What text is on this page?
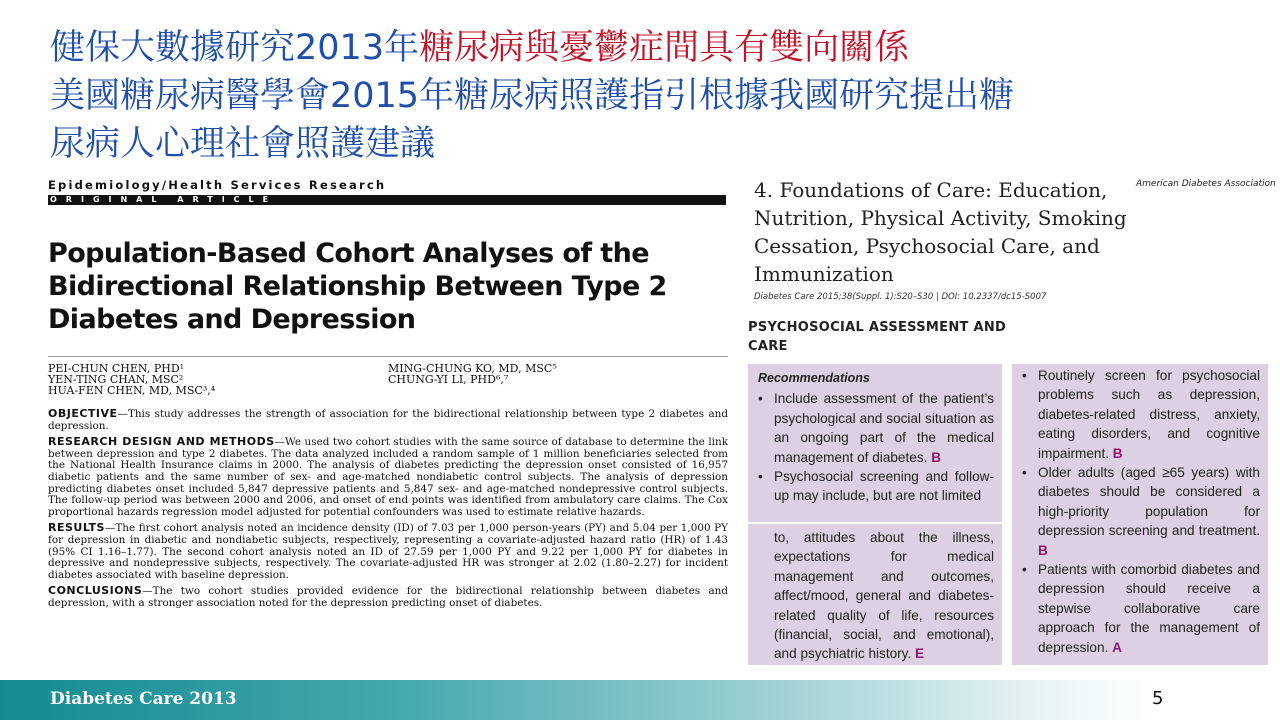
健保大數據研究2013年糖尿病與憂鬱症間具有雙向關係
美國糖尿病醫學會2015年糖尿病照護指引根據我國研究提出糖
尿病人心理社會照護建議
Epidemiology/Health Services Research
ORIGINAL ARTICLE
Population-Based Cohort Analyses of the Bidirectional Relationship Between Type 2 Diabetes and Depression
PEI-CHUN CHEN, PHD¹
YEN-TING CHAN, MSC²
HUA-FEN CHEN, MD, MSC³,⁴
MING-CHUNG KO, MD, MSC⁵
CHUNG-YI LI, PHD⁶,⁷

OBJECTIVE—This study addresses the strength of association for the bidirectional relationship between type 2 diabetes and depression.

RESEARCH DESIGN AND METHODS—We used two cohort studies with the same source of database to determine the link between depression and type 2 diabetes. The data analyzed included a random sample of 1 million beneficiaries selected from the National Health Insurance claims in 2000. The analysis of diabetes predicting the depression onset consisted of 16,957 diabetic patients and the same number of sex- and age-matched nondiabetic control subjects. The analysis of depression predicting diabetes onset included 5,847 depressive patients and 5,847 sex- and age-matched nondepressive control subjects. The follow-up period was between 2000 and 2006, and onset of end points was identified from ambulatory care claims. The Cox proportional hazards regression model adjusted for potential confounders was used to estimate relative hazards.

RESULTS—The first cohort analysis noted an incidence density (ID) of 7.03 per 1,000 person-years (PY) and 5.04 per 1,000 PY for depression in diabetic and nondiabetic subjects, respectively, representing a covariate-adjusted hazard ratio (HR) of 1.43 (95% CI 1.16–1.77). The second cohort analysis noted an ID of 27.59 per 1,000 PY and 9.22 per 1,000 PY for diabetes in depressive and nondepressive subjects, respectively. The covariate-adjusted HR was stronger at 2.02 (1.80–2.27) for incident diabetes associated with baseline depression.

CONCLUSIONS—The two cohort studies provided evidence for the bidirectional relationship between diabetes and depression, with a stronger association noted for the depression predicting onset of diabetes.

American Diabetes Association
4. Foundations of Care: Education, Nutrition, Physical Activity, Smoking Cessation, Psychosocial Care, and Immunization
Diabetes Care 2015;38(Suppl. 1):S20–S30 | DOI: 10.2337/dc15-S007
PSYCHOSOCIAL ASSESSMENT AND CARE
Recommendations
• Include assessment of the patient’s psychological and social situation as an ongoing part of the medical management of diabetes. B
• Psychosocial screening and follow-up may include, but are not limited
to, attitudes about the illness, expectations for medical management and outcomes, affect/mood, general and diabetes-related quality of life, resources (financial, social, and emotional), and psychiatric history. E
• Routinely screen for psychosocial problems such as depression, diabetes-related distress, anxiety, eating disorders, and cognitive impairment. B
• Older adults (aged ≥65 years) with diabetes should be considered a high-priority population for depression screening and treatment. B
• Patients with comorbid diabetes and depression should receive a stepwise collaborative care approach for the management of depression. A
Diabetes Care 2013	5
